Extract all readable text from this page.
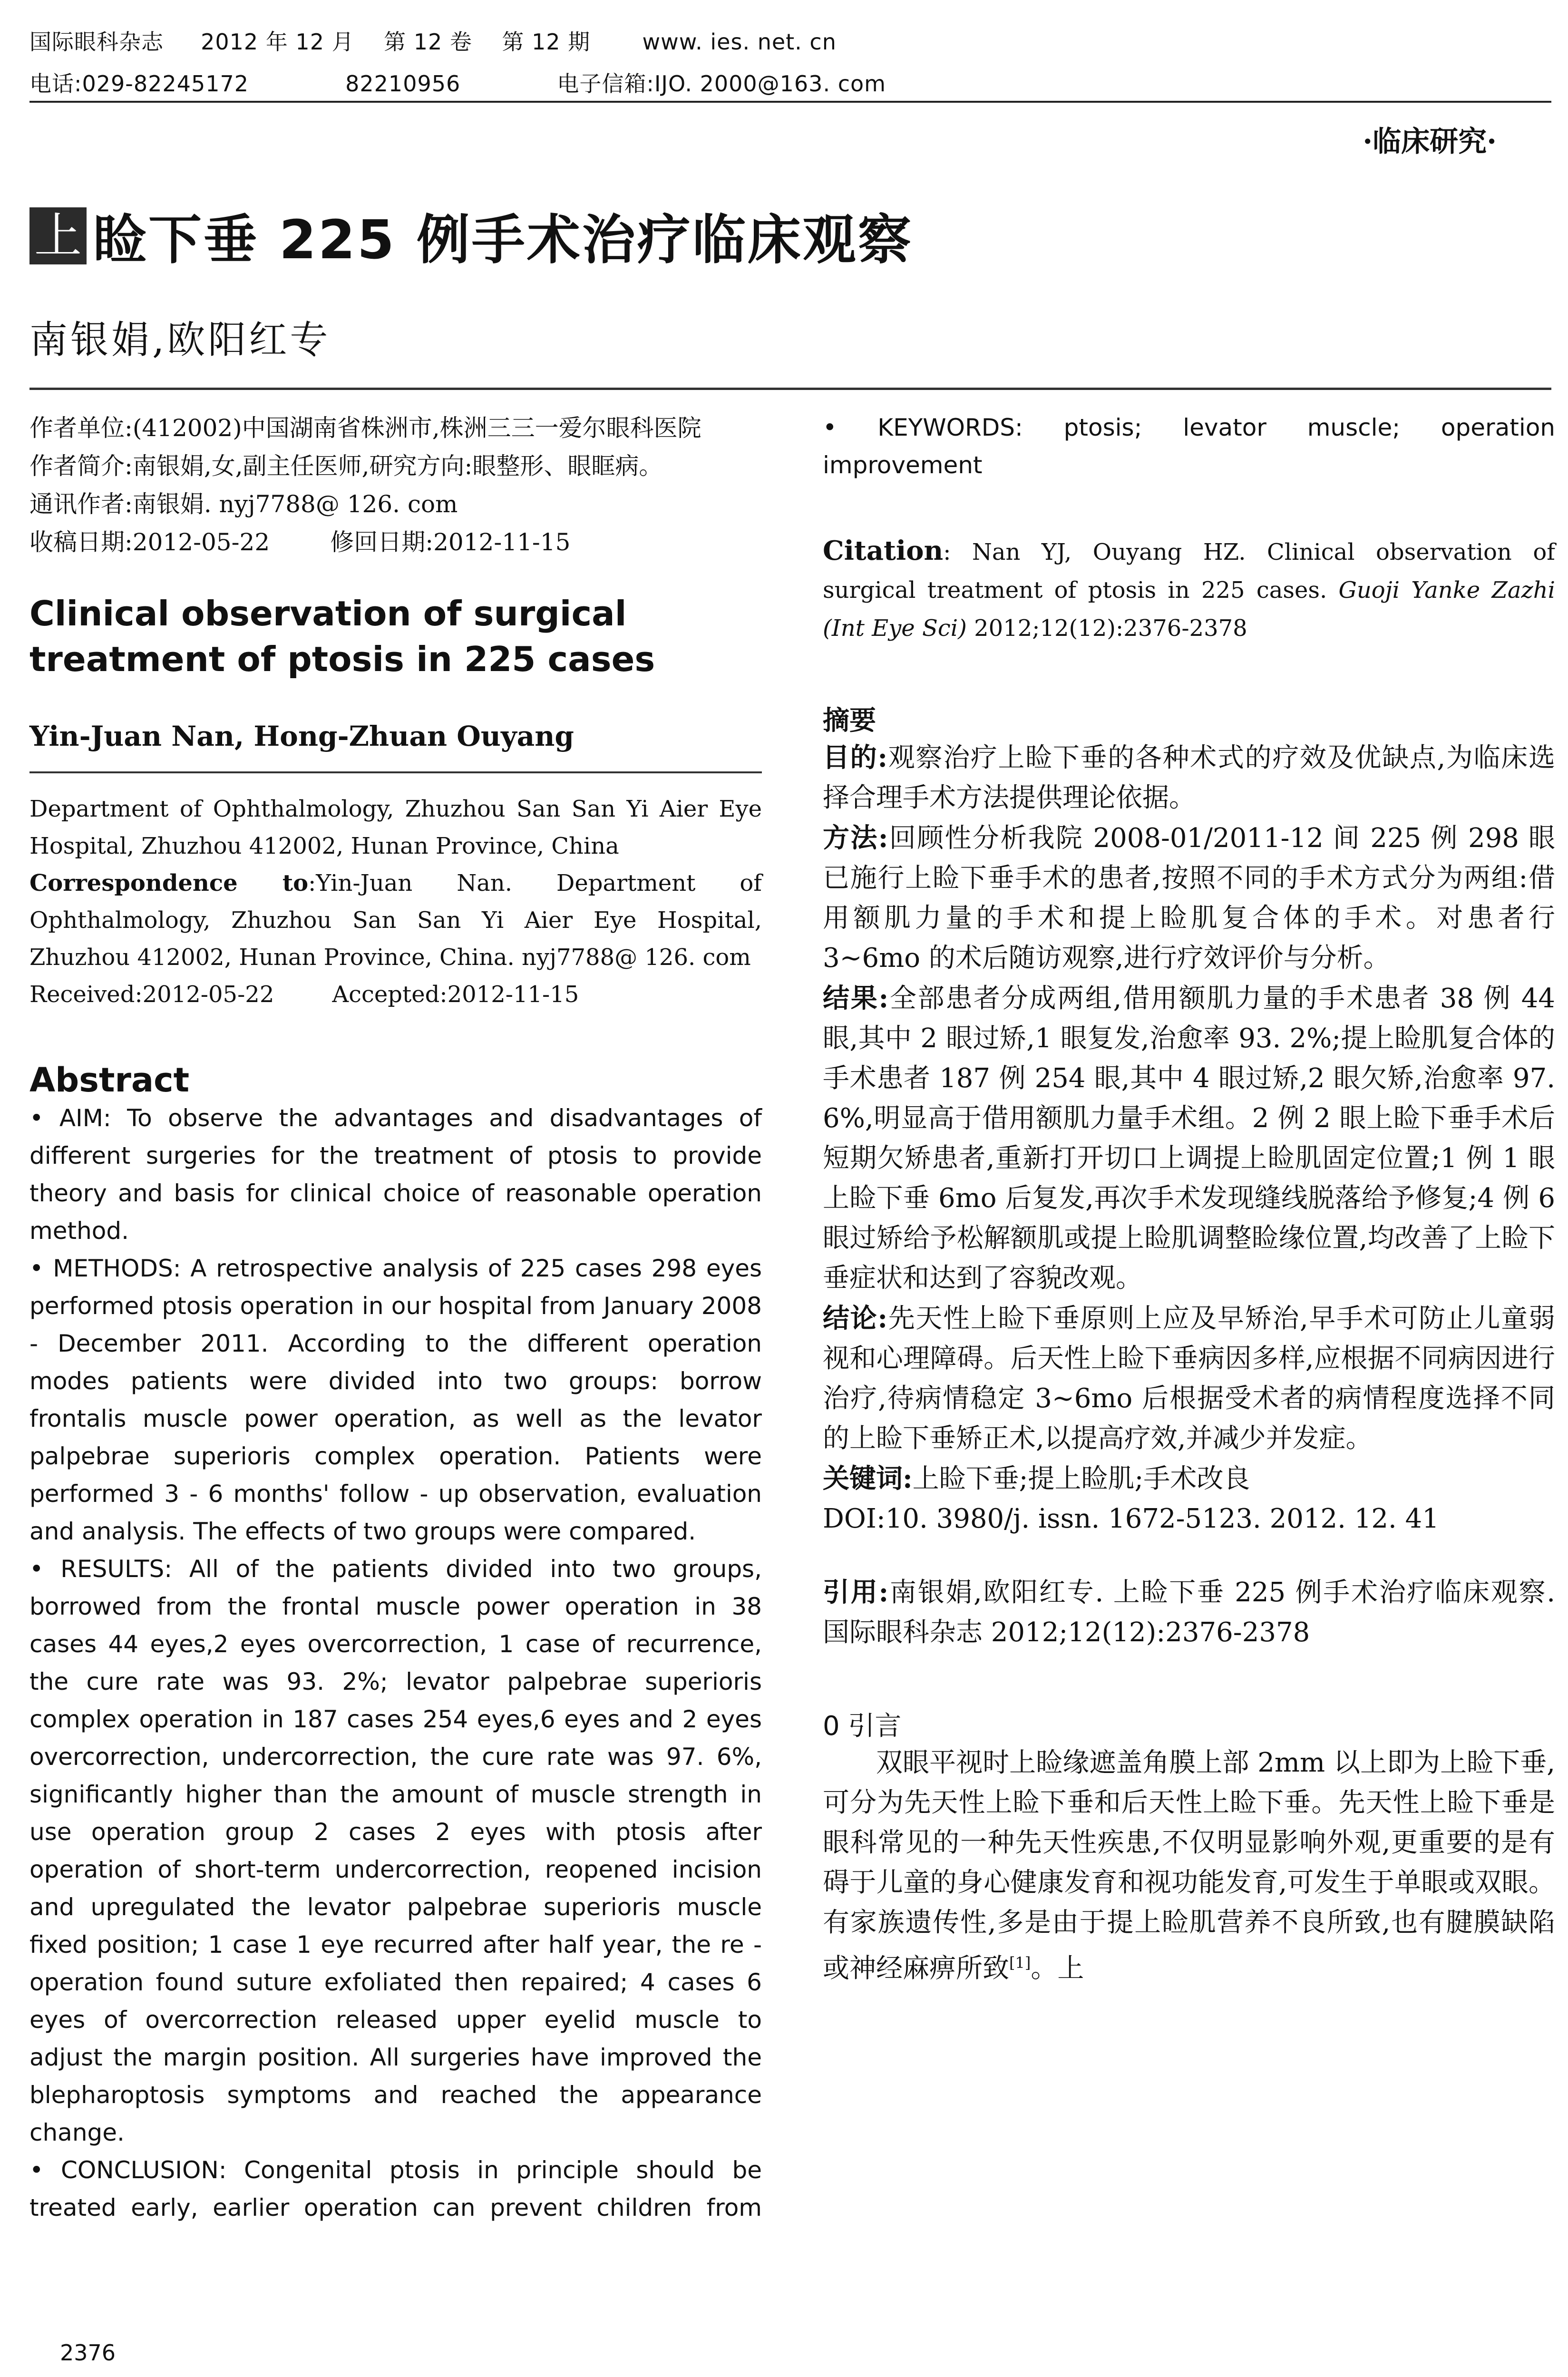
国际眼科杂志 2012 年 12 月 第 12 卷 第 12 期 www. ies. net. cn
电话:029-82245172	82210956	电子信箱:IJO. 2000@163. com
·临床研究·
上 睑下垂 225 例手术治疗临床观察
南银娟,欧阳红专
作者单位:(412002)中国湖南省株洲市,株洲三三一爱尔眼科医院
作者简介:南银娟,女,副主任医师,研究方向:眼整形、眼眶病。
通讯作者:南银娟. nyj7788@ 126. com
收稿日期:2012-05-22        修回日期:2012-11-15
Clinical observation of surgical treatment of ptosis in 225 cases
Yin-Juan Nan, Hong-Zhuan Ouyang
Department of Ophthalmology, Zhuzhou San San Yi Aier Eye Hospital, Zhuzhou 412002, Hunan Province, China
Correspondence to:Yin-Juan Nan. Department of Ophthalmology, Zhuzhou San San Yi Aier Eye Hospital, Zhuzhou 412002, Hunan Province, China. nyj7788@ 126. com
Received:2012-05-22        Accepted:2012-11-15
Abstract

• AIM: To observe the advantages and disadvantages of different surgeries for the treatment of ptosis to provide theory and basis for clinical choice of reasonable operation method.

• METHODS: A retrospective analysis of 225 cases 298 eyes performed ptosis operation in our hospital from January 2008 - December 2011. According to the different operation modes patients were divided into two groups: borrow frontalis muscle power operation, as well as the levator palpebrae superioris complex operation. Patients were performed 3 - 6 months' follow - up observation, evaluation and analysis. The effects of two groups were compared.

• RESULTS: All of the patients divided into two groups, borrowed from the frontal muscle power operation in 38 cases 44 eyes,2 eyes overcorrection, 1 case of recurrence, the cure rate was 93. 2%; levator palpebrae superioris complex operation in 187 cases 254 eyes,6 eyes and 2 eyes overcorrection, undercorrection, the cure rate was 97. 6%, significantly higher than the amount of muscle strength in use operation group 2 cases 2 eyes with ptosis after operation of short-term undercorrection, reopened incision and upregulated the levator palpebrae superioris muscle fixed position; 1 case 1 eye recurred after half year, the re - operation found suture exfoliated then repaired; 4 cases 6 eyes of overcorrection released upper eyelid muscle to adjust the margin position. All surgeries have improved the blepharoptosis symptoms and reached the appearance change.

• CONCLUSION: Congenital ptosis in principle should be treated early, earlier operation can prevent children from

• KEYWORDS: ptosis; levator muscle; operation improvement

Citation: Nan YJ, Ouyang HZ. Clinical observation of surgical treatment of ptosis in 225 cases. Guoji Yanke Zazhi (Int Eye Sci) 2012;12(12):2376-2378
摘要

目的:观察治疗上睑下垂的各种术式的疗效及优缺点,为临床选择合理手术方法提供理论依据。

方法:回顾性分析我院 2008-01/2011-12 间 225 例 298 眼已施行上睑下垂手术的患者,按照不同的手术方式分为两组:借用额肌力量的手术和提上睑肌复合体的手术。对患者行 3~6mo 的术后随访观察,进行疗效评价与分析。

结果:全部患者分成两组,借用额肌力量的手术患者 38 例 44 眼,其中 2 眼过矫,1 眼复发,治愈率 93. 2%;提上睑肌复合体的手术患者 187 例 254 眼,其中 4 眼过矫,2 眼欠矫,治愈率 97. 6%,明显高于借用额肌力量手术组。2 例 2 眼上睑下垂手术后短期欠矫患者,重新打开切口上调提上睑肌固定位置;1 例 1 眼上睑下垂 6mo 后复发,再次手术发现缝线脱落给予修复;4 例 6 眼过矫给予松解额肌或提上睑肌调整睑缘位置,均改善了上睑下垂症状和达到了容貌改观。

结论:先天性上睑下垂原则上应及早矫治,早手术可防止儿童弱视和心理障碍。后天性上睑下垂病因多样,应根据不同病因进行治疗,待病情稳定 3~6mo 后根据受术者的病情程度选择不同的上睑下垂矫正术,以提高疗效,并减少并发症。

关键词:上睑下垂;提上睑肌;手术改良

DOI:10. 3980/j. issn. 1672-5123. 2012. 12. 41

引用:南银娟,欧阳红专. 上睑下垂 225 例手术治疗临床观察. 国际眼科杂志 2012;12(12):2376-2378
0 引言
双眼平视时上睑缘遮盖角膜上部 2mm 以上即为上睑下垂,可分为先天性上睑下垂和后天性上睑下垂。先天性上睑下垂是眼科常见的一种先天性疾患,不仅明显影响外观,更重要的是有碍于儿童的身心健康发育和视功能发育,可发生于单眼或双眼。有家族遗传性,多是由于提上睑肌营养不良所致,也有腱膜缺陷或神经麻痹所致[1]。上
2376
